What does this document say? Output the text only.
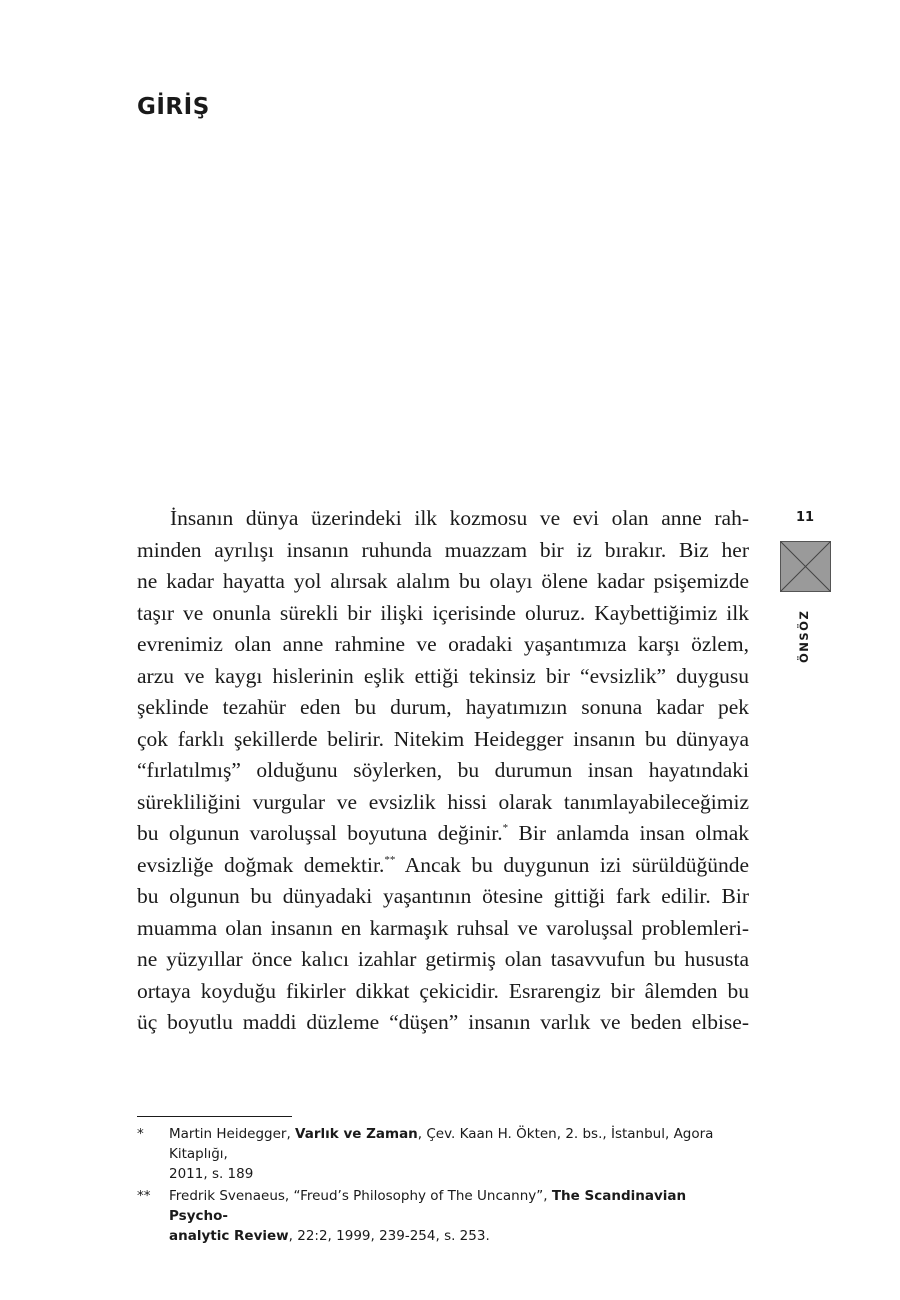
GİRİŞ
11
ÖNSÖZ
İnsanın dünya üzerindeki ilk kozmosu ve evi olan anne rah-
minden ayrılışı insanın ruhunda muazzam bir iz bırakır. Biz her
ne kadar hayatta yol alırsak alalım bu olayı ölene kadar psişemizde
taşır ve onunla sürekli bir ilişki içerisinde oluruz. Kaybettiğimiz ilk
evrenimiz olan anne rahmine ve oradaki yaşantımıza karşı özlem,
arzu ve kaygı hislerinin eşlik ettiği tekinsiz bir “evsizlik” duygusu
şeklinde tezahür eden bu durum, hayatımızın sonuna kadar pek
çok farklı şekillerde belirir. Nitekim Heidegger insanın bu dünyaya
“fırlatılmış” olduğunu söylerken, bu durumun insan hayatındaki
sürekliliğini vurgular ve evsizlik hissi olarak tanımlayabileceğimiz
bu olgunun varoluşsal boyutuna değinir.* Bir anlamda insan olmak
evsizliğe doğmak demektir.** Ancak bu duygunun izi sürüldüğünde
bu olgunun bu dünyadaki yaşantının ötesine gittiği fark edilir. Bir
muamma olan insanın en karmaşık ruhsal ve varoluşsal problemleri-
ne yüzyıllar önce kalıcı izahlar getirmiş olan tasavvufun bu hususta
ortaya koyduğu fikirler dikkat çekicidir. Esrarengiz bir âlemden bu
üç boyutlu maddi düzleme “düşen” insanın varlık ve beden elbise-
* Martin Heidegger, Varlık ve Zaman, Çev. Kaan H. Ökten, 2. bs., İstanbul, Agora Kitaplığı,
2011, s. 189
** Fredrik Svenaeus, “Freud’s Philosophy of The Uncanny”, The Scandinavian Psycho-
analytic Review, 22:2, 1999, 239-254, s. 253.
